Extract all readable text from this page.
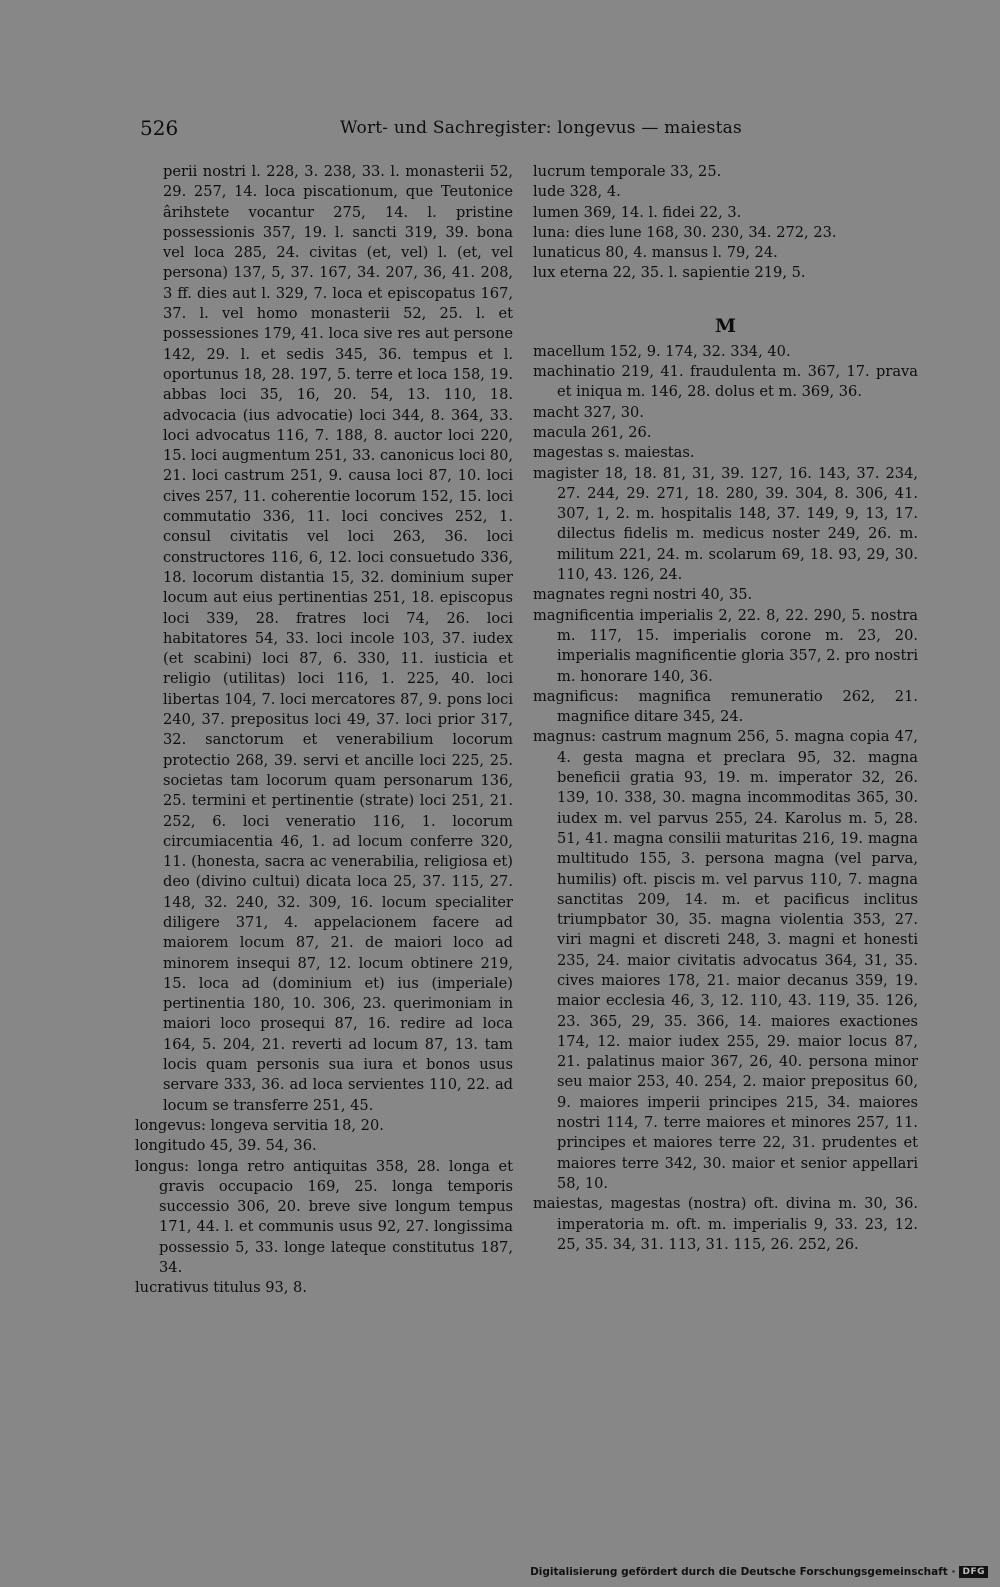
526	Wort- und Sachregister: longevus — maiestas

perii nostri l. 228, 3. 238, 33. l. monasterii 52, 29. 257, 14. loca piscationum, que Teutonice ârihstete vocantur 275, 14. l. pristine possessionis 357, 19. l. sancti 319, 39. bona vel loca 285, 24. civitas (et, vel) l. (et, vel persona) 137, 5, 37. 167, 34. 207, 36, 41. 208, 3 ff. dies aut l. 329, 7. loca et episcopatus 167, 37. l. vel homo monasterii 52, 25. l. et possessiones 179, 41. loca sive res aut persone 142, 29. l. et sedis 345, 36. tempus et l. oportunus 18, 28. 197, 5. terre et loca 158, 19. abbas loci 35, 16, 20. 54, 13. 110, 18. advocacia (ius advocatie) loci 344, 8. 364, 33. loci advocatus 116, 7. 188, 8. auctor loci 220, 15. loci augmentum 251, 33. canonicus loci 80, 21. loci castrum 251, 9. causa loci 87, 10. loci cives 257, 11. coherentie locorum 152, 15. loci commutatio 336, 11. loci concives 252, 1. consul civitatis vel loci 263, 36. loci constructores 116, 6, 12. loci consuetudo 336, 18. locorum distantia 15, 32. dominium super locum aut eius pertinentias 251, 18. episcopus loci 339, 28. fratres loci 74, 26. loci habitatores 54, 33. loci incole 103, 37. iudex (et scabini) loci 87, 6. 330, 11. iusticia et religio (utilitas) loci 116, 1. 225, 40. loci libertas 104, 7. loci mercatores 87, 9. pons loci 240, 37. prepositus loci 49, 37. loci prior 317, 32. sanctorum et venerabilium locorum protectio 268, 39. servi et ancille loci 225, 25. societas tam locorum quam personarum 136, 25. termini et pertinentie (strate) loci 251, 21. 252, 6. loci veneratio 116, 1. locorum circumiacentia 46, 1. ad locum conferre 320, 11. (honesta, sacra ac venerabilia, religiosa et) deo (divino cultui) dicata loca 25, 37. 115, 27. 148, 32. 240, 32. 309, 16. locum specialiter diligere 371, 4. appelacionem facere ad maiorem locum 87, 21. de maiori loco ad minorem insequi 87, 12. locum obtinere 219, 15. loca ad (dominium et) ius (imperiale) pertinentia 180, 10. 306, 23. querimoniam in maiori loco prosequi 87, 16. redire ad loca 164, 5. 204, 21. reverti ad locum 87, 13. tam locis quam personis sua iura et bonos usus servare 333, 36. ad loca servientes 110, 22. ad locum se transferre 251, 45.

longevus: longeva servitia 18, 20.

longitudo 45, 39. 54, 36.

longus: longa retro antiquitas 358, 28. longa et gravis occupacio 169, 25. longa temporis successio 306, 20. breve sive longum tempus 171, 44. l. et communis usus 92, 27. longissima possessio 5, 33. longe lateque constitutus 187, 34.

lucrativus titulus 93, 8.

lucrum temporale 33, 25.

lude 328, 4.

lumen 369, 14. l. fidei 22, 3.

luna: dies lune 168, 30. 230, 34. 272, 23.

lunaticus 80, 4. mansus l. 79, 24.

lux eterna 22, 35. l. sapientie 219, 5.

M

macellum 152, 9. 174, 32. 334, 40.

machinatio 219, 41. fraudulenta m. 367, 17. prava et iniqua m. 146, 28. dolus et m. 369, 36.

macht 327, 30.

macula 261, 26.

magestas s. maiestas.

magister 18, 18. 81, 31, 39. 127, 16. 143, 37. 234, 27. 244, 29. 271, 18. 280, 39. 304, 8. 306, 41. 307, 1, 2. m. hospitalis 148, 37. 149, 9, 13, 17. dilectus fidelis m. medicus noster 249, 26. m. militum 221, 24. m. scolarum 69, 18. 93, 29, 30. 110, 43. 126, 24.

magnates regni nostri 40, 35.

magnificentia imperialis 2, 22. 8, 22. 290, 5. nostra m. 117, 15. imperialis corone m. 23, 20. imperialis magnificentie gloria 357, 2. pro nostri m. honorare 140, 36.

magnificus: magnifica remuneratio 262, 21. magnifice ditare 345, 24.

magnus: castrum magnum 256, 5. magna copia 47, 4. gesta magna et preclara 95, 32. magna beneficii gratia 93, 19. m. imperator 32, 26. 139, 10. 338, 30. magna incommoditas 365, 30. iudex m. vel parvus 255, 24. Karolus m. 5, 28. 51, 41. magna consilii maturitas 216, 19. magna multitudo 155, 3. persona magna (vel parva, humilis) oft. piscis m. vel parvus 110, 7. magna sanctitas 209, 14. m. et pacificus inclitus triumpbator 30, 35. magna violentia 353, 27. viri magni et discreti 248, 3. magni et honesti 235, 24. maior civitatis advocatus 364, 31, 35. cives maiores 178, 21. maior decanus 359, 19. maior ecclesia 46, 3, 12. 110, 43. 119, 35. 126, 23. 365, 29, 35. 366, 14. maiores exactiones 174, 12. maior iudex 255, 29. maior locus 87, 21. palatinus maior 367, 26, 40. persona minor seu maior 253, 40. 254, 2. maior prepositus 60, 9. maiores imperii principes 215, 34. maiores nostri 114, 7. terre maiores et minores 257, 11. principes et maiores terre 22, 31. prudentes et maiores terre 342, 30. maior et senior appellari 58, 10.

maiestas, magestas (nostra) oft. divina m. 30, 36. imperatoria m. oft. m. imperialis 9, 33. 23, 12. 25, 35. 34, 31. 113, 31. 115, 26. 252, 26.

Digitalisierung gefördert durch die Deutsche Forschungsgemeinschaft · DFG
